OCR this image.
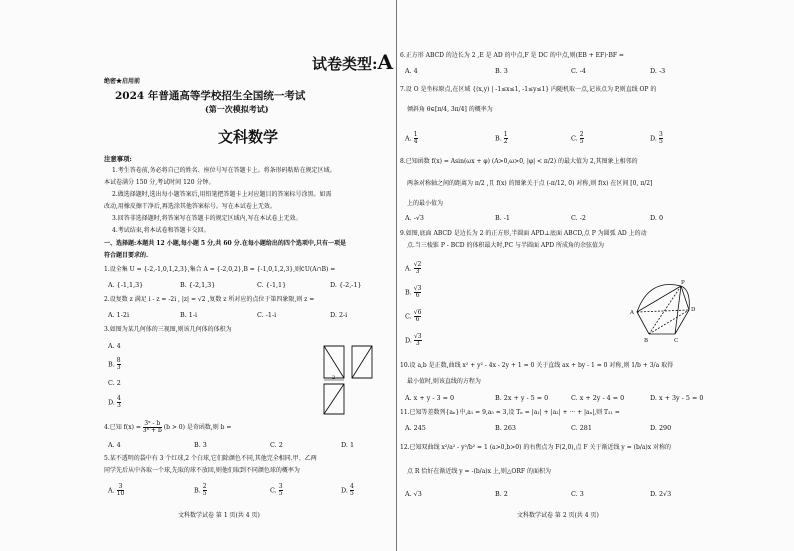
试卷类型:A
绝密★启用前
2024 年普通高等学校招生全国统一考试
(第一次模拟考试)
文科数学
注意事项:
1.考生答卷前,务必将自己的姓名、座位号写在答题卡上。将条形码粘贴在规定区域。
本试卷满分 150 分,考试时间 120 分钟。
2.做选择题时,选出每小题答案后,用铅笔把答题卡上对应题目的答案标号涂黑。如需
改动,用橡皮擦干净后,再选涂其他答案标号。写在本试卷上无效。
3.回答非选择题时,将答案写在答题卡的规定区域内,写在本试卷上无效。
4.考试结束,将本试卷和答题卡交回。
一、选择题:本题共 12 小题,每小题 5 分,共 60 分.在每小题给出的四个选项中,只有一项是
符合题目要求的.
1.设全集 U = {-2,-1,0,1,2,3},集合 A = {-2,0,2},B = {-1,0,1,2,3},则∁U(A∩B) =
A. {-1,1,3}	B. {-2,1,3}	C. {-1,1}	D. {-2,-1}
2.设复数 z 满足 i - z = -2i , |z| = √2 ,复数 z 所对应的点位于第四象限,则 z =
A. 1-2i	B. 1-i	C. -1-i	D. 2-i
3.如图为某几何体的三视图,则该几何体的体积为
A. 4
B. $\frac{8}{3}$
C. 2
D. $\frac{4}{3}$
2
4.已知 $f(x) = \frac{\text{3ˣ - b}}{\text{3ˣ + b}} (b > 0)$ 是奇函数,则 b =
A. 4	B. 3	C. 2	D. 1
5.某不透明的袋中有 3 个红球,2 个白球,它们除颜色不同,其他完全相同.甲、乙两
同学先后从中各取一个球,先取的球不放回,则他们取到不同颜色球的概率为
A. $\frac{3}{10}$	B. $\frac{2}{5}$	C. $\frac{3}{5}$	D. $\frac{4}{5}$
文科数学试卷 第 1 页(共 4 页)
6.正方形 ABCD 的边长为 2 ,E 是 AD 的中点,F 是 DC 的中点,则(EB + EF)·BF =
A. 4	B. 3	C. -4	D. -3
7.设 O 是坐标原点,在区域 {(x,y) | -1≤x≤1, -1≤y≤1} 内随机取一点,记该点为 P,则直线 OP 的
倾斜角 θ∈[π/4, 3π/4] 的概率为
A. $\frac{1}{4}$	B. $\frac{1}{2}$	C. $\frac{2}{5}$	D. $\frac{3}{5}$
8.已知函数 f(x) = Asin(ωx + φ) (A>0,ω>0, |φ| < π/2) 的最大值为 2,其图象上相邻的
两条对称轴之间的距离为 π/2 ,且 f(x) 的图象关于点 (-π/12, 0) 对称,则 f(x) 在区间 [0, π/2]
上的最小值为
A. -√3	B. -1	C. -2	D. 0
9.如图,底面 ABCD 是边长为 2 的正方形,半圆面 APD⊥底面 ABCD,点 P 为圆弧 AD 上的动
点.当三棱锥 P - BCD 的体积最大时,PC 与半圆面 APD 所成角的余弦值为
A. $\frac{√2}{3}$
B. $\frac{√3}{6}$
C. $\frac{√6}{6}$
D. $\frac{√3}{3}$
P
D
A
B	C
10.设 a,b 是正数,曲线 x² + y² - 4x - 2y + 1 = 0 关于直线 ax + by - 1 = 0 对称,则 1/b + 3/a 取得
最小值时,则该直线的方程为
A. x + y - 3 = 0	B. 2x + y - 5 = 0	C. x + 2y - 4 = 0	D. x + 3y - 5 = 0
11.已知等差数列{aₙ}中,a₁ = 9,a₅ = 3,设 Tₙ = |a₁| + |a₂| + ··· + |aₙ|,则 T₂₁ =
A. 245	B. 263	C. 281	D. 290
12.已知双曲线 x²/a² - y²/b² = 1 (a>0,b>0) 的右焦点为 F(2,0),点 F 关于渐近线 y = (b/a)x 对称的
点 R 恰好在渐近线 y = -(b/a)x 上,则△ORF 的面积为
A. √3	B. 2	C. 3	D. 2√3
文科数学试卷 第 2 页(共 4 页)
